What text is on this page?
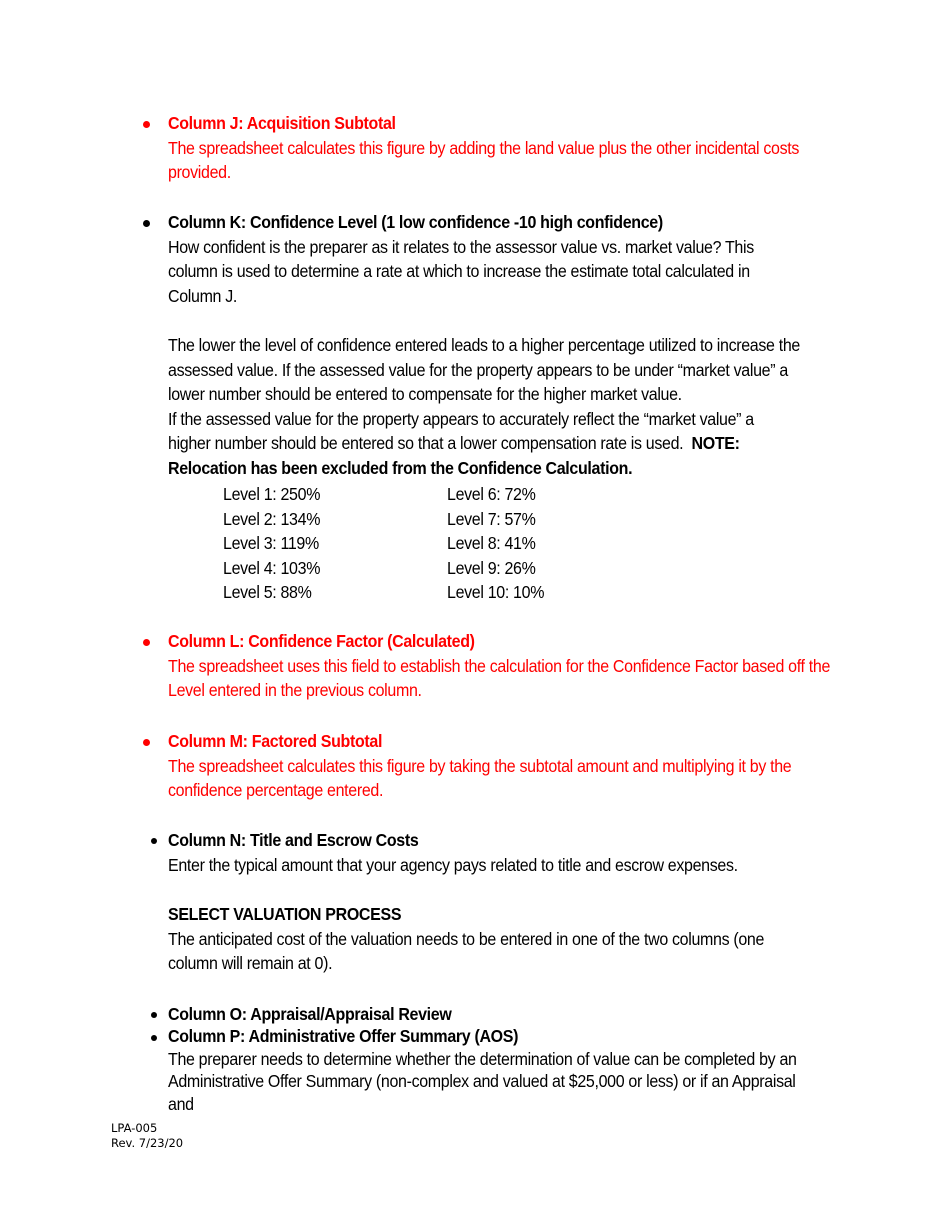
Column J: Acquisition Subtotal
The spreadsheet calculates this figure by adding the land value plus the other incidental costs provided.
Column K: Confidence Level (1 low confidence -10 high confidence)
How confident is the preparer as it relates to the assessor value vs. market value? This column is used to determine a rate at which to increase the estimate total calculated in Column J.
The lower the level of confidence entered leads to a higher percentage utilized to increase the assessed value. If the assessed value for the property appears to be under “market value” a lower number should be entered to compensate for the higher market value.
If the assessed value for the property appears to accurately reflect the “market value” a higher number should be entered so that a lower compensation rate is used. NOTE: Relocation has been excluded from the Confidence Calculation.
Level 1: 250%
Level 2: 134%
Level 3: 119%
Level 4: 103%
Level 5: 88%
Level 6: 72%
Level 7: 57%
Level 8: 41%
Level 9: 26%
Level 10: 10%
Column L: Confidence Factor (Calculated)
The spreadsheet uses this field to establish the calculation for the Confidence Factor based off the Level entered in the previous column.
Column M: Factored Subtotal
The spreadsheet calculates this figure by taking the subtotal amount and multiplying it by the confidence percentage entered.
Column N: Title and Escrow Costs
Enter the typical amount that your agency pays related to title and escrow expenses.
SELECT VALUATION PROCESS
The anticipated cost of the valuation needs to be entered in one of the two columns (one column will remain at 0).
Column O: Appraisal/Appraisal Review
Column P: Administrative Offer Summary (AOS)
The preparer needs to determine whether the determination of value can be completed by an Administrative Offer Summary (non-complex and valued at $25,000 or less) or if an Appraisal and
LPA-005
Rev. 7/23/20
